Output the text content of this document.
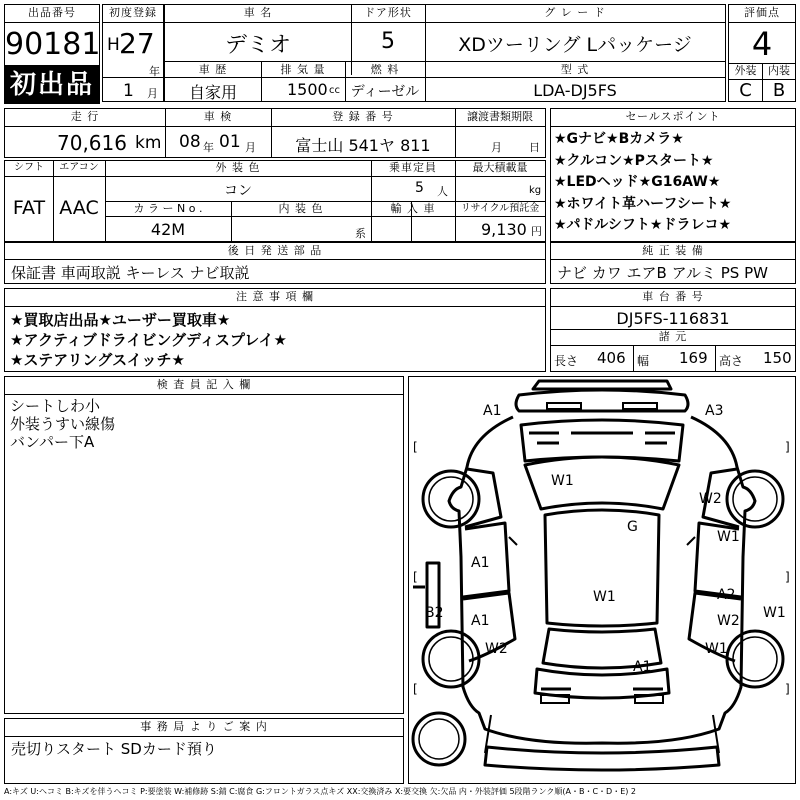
出品番号
90181
初出品
初度登録
H 27
年
1 月
車 名
デミオ
ドア形状
5
グ レ ー ド
XDツーリング Lパッケージ
車 歴
自家用
排 気 量
1500 cc
燃 料
ディーゼル
型 式
LDA-DJ5FS
評価点
4
外装	内装
C	B
走 行
70,616 km
車 検
08 年 01 月
登 録 番 号
富士山 541ヤ 811
譲渡書類期限
月 日
シフト	エアコン
FAT AAC
外 装 色
コン
乗車定員
5 人
最大積載量
kg
カ ラ ー N o .
42M
内 装 色
系
輸 入 車	リサイクル預託金
9,130 円
セールスポイント
★Gナビ★Bカメラ★
★クルコン★Pスタート★
★LEDヘッド★G16AW★
★ホワイト革ハーフシート★
★パドルシフト★ドラレコ★
後 日 発 送 部 品
保証書 車両取説 キーレス ナビ取説
純 正 装 備
ナビ カワ エアB アルミ PS PW
注 意 事 項 欄
★買取店出品★ユーザー買取車★
★アクティブドライビングディスプレイ★
★ステアリングスイッチ★
車 台 番 号
DJ5FS-116831
諸 元
長さ 406 幅 169 高さ 150
検 査 員 記 入 欄
シートしわ小
外装うすい線傷
バンパー下A
A1	A3
W1
W2
G
W1
A1
W1	A2
B2 A1	W2 W1
W2	W1
A1
[	]
[	]
[	]
事 務 局 よ り ご 案 内
売切りスタート SDカード預り
A:キズ U:ヘコミ B:キズを伴うヘコミ P:要塗装 W:補修跡 S:錆 C:腐食 G:フロントガラス点キズ XX:交換済み X:要交換 欠:欠品 内・外装評価 5段階ランク順(A・B・C・D・E) 2
